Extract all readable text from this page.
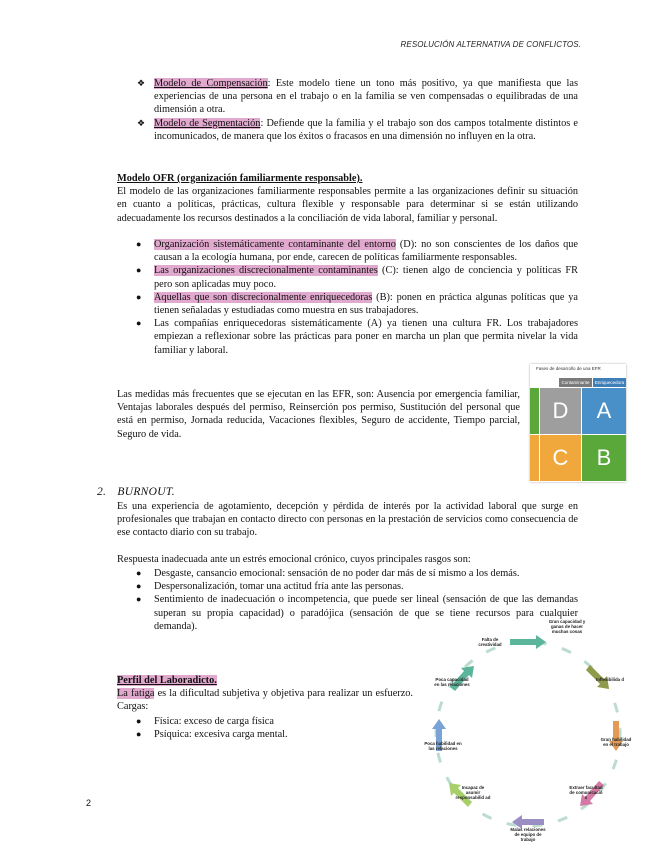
RESOLUCIÓN ALTERNATIVA DE CONFLICTOS.
❖ Modelo de Compensación: Este modelo tiene un tono más positivo, ya que manifiesta que las experiencias de una persona en el trabajo o en la familia se ven compensadas o equilibradas de una dimensión a otra.
❖ Modelo de Segmentación: Defiende que la familia y el trabajo son dos campos totalmente distintos e incomunicados, de manera que los éxitos o fracasos en una dimensión no influyen en la otra.
Modelo OFR (organización familiarmente responsable).
El modelo de las organizaciones familiarmente responsables permite a las organizaciones definir su situación en cuanto a políticas, prácticas, cultura flexible y responsable para determinar si se están utilizando adecuadamente los recursos destinados a la conciliación de vida laboral, familiar y personal.
● Organización sistemáticamente contaminante del entorno (D): no son conscientes de los daños que causan a la ecología humana, por ende, carecen de políticas familiarmente responsables.
● Las organizaciones discrecionalmente contaminantes (C): tienen algo de conciencia y políticas FR pero son aplicadas muy poco.
● Aquellas que son discrecionalmente enriquecedoras (B): ponen en práctica algunas políticas que ya tienen señaladas y estudiadas como muestra en sus trabajadores.
● Las compañías enriquecedoras sistemáticamente (A) ya tienen una cultura FR. Los trabajadores empiezan a reflexionar sobre las prácticas para poner en marcha un plan que permita nivelar la vida familiar y laboral.
Las medidas más frecuentes que se ejecutan en las EFR, son: Ausencia por emergencia familiar, Ventajas laborales después del permiso, Reinserción pos permiso, Sustitución del personal que está en permiso, Jornada reducida, Vacaciones flexibles, Seguro de accidente, Tiempo parcial, Seguro de vida.
Fases de desarrollo de una EFR
Contaminante	Enriquecedora
D	A
C	B
2. BURNOUT.
Es una experiencia de agotamiento, decepción y pérdida de interés por la actividad laboral que surge en profesionales que trabajan en contacto directo con personas en la prestación de servicios como consecuencia de ese contacto diario con su trabajo.
Respuesta inadecuada ante un estrés emocional crónico, cuyos principales rasgos son:
● Desgaste, cansancio emocional: sensación de no poder dar más de sí mismo a los demás.
● Despersonalización, tomar una actitud fría ante las personas.
● Sentimiento de inadecuación o incompetencia, que puede ser lineal (sensación de que las demandas superan su propia capacidad) o paradójica (sensación de que se tiene recursos para cualquier demanda).
Perfil del Laboradicto.
La fatiga es la dificultad subjetiva y objetiva para realizar un esfuerzo. Cargas:
● Física: exceso de carga física
● Psíquica: excesiva carga mental.
Gran capacidad y ganas de hacer muchas cosas
Inflexibilida d
Gran habilidad en el trabajo
Extraer facultad de comunicació n
Malas relaciones de equipo de trabajo
Incapaz de asumir responsabilid ad
Poca habilidad en las relaciones
Poca capacidad en las relaciones
Falta de creatividad
2
